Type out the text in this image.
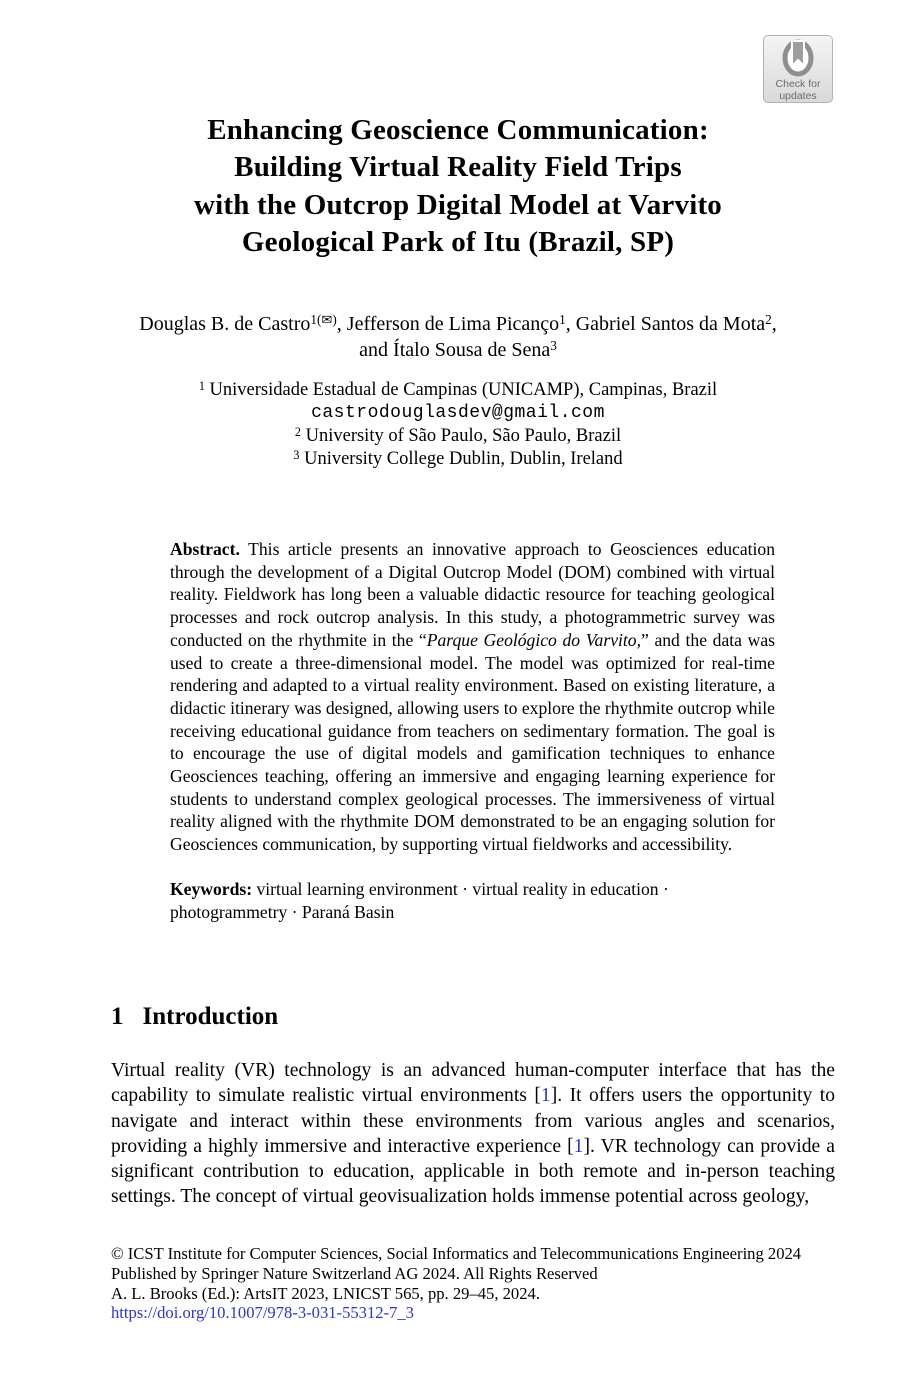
Check for
updates
Enhancing Geoscience Communication:
Building Virtual Reality Field Trips
with the Outcrop Digital Model at Varvito
Geological Park of Itu (Brazil, SP)
Douglas B. de Castro$^{1(✉)}$, Jefferson de Lima Picanço$^1$, Gabriel Santos da Mota$^2$,
and Ítalo Sousa de Sena$^3$
$^1$ Universidade Estadual de Campinas (UNICAMP), Campinas, Brazil
castrodouglasdev@gmail.com
$^2$ University of São Paulo, São Paulo, Brazil
$^3$ University College Dublin, Dublin, Ireland
Abstract. This article presents an innovative approach to Geosciences education through the development of a Digital Outcrop Model (DOM) combined with virtual reality. Fieldwork has long been a valuable didactic resource for teaching geological processes and rock outcrop analysis. In this study, a photogrammetric survey was conducted on the rhythmite in the “Parque Geológico do Varvito,” and the data was used to create a three-dimensional model. The model was optimized for real-time rendering and adapted to a virtual reality environment. Based on existing literature, a didactic itinerary was designed, allowing users to explore the rhythmite outcrop while receiving educational guidance from teachers on sedimentary formation. The goal is to encourage the use of digital models and gamification techniques to enhance Geosciences teaching, offering an immersive and engaging learning experience for students to understand complex geological processes. The immersiveness of virtual reality aligned with the rhythmite DOM demonstrated to be an engaging solution for Geosciences communication, by supporting virtual fieldworks and accessibility.
Keywords: virtual learning environment · virtual reality in education · photogrammetry · Paraná Basin
1 Introduction
Virtual reality (VR) technology is an advanced human-computer interface that has the capability to simulate realistic virtual environments [1]. It offers users the opportunity to navigate and interact within these environments from various angles and scenarios, providing a highly immersive and interactive experience [1]. VR technology can provide a significant contribution to education, applicable in both remote and in-person teaching settings. The concept of virtual geovisualization holds immense potential across geology,
© ICST Institute for Computer Sciences, Social Informatics and Telecommunications Engineering 2024
Published by Springer Nature Switzerland AG 2024. All Rights Reserved
A. L. Brooks (Ed.): ArtsIT 2023, LNICST 565, pp. 29–45, 2024.
https://doi.org/10.1007/978-3-031-55312-7_3
